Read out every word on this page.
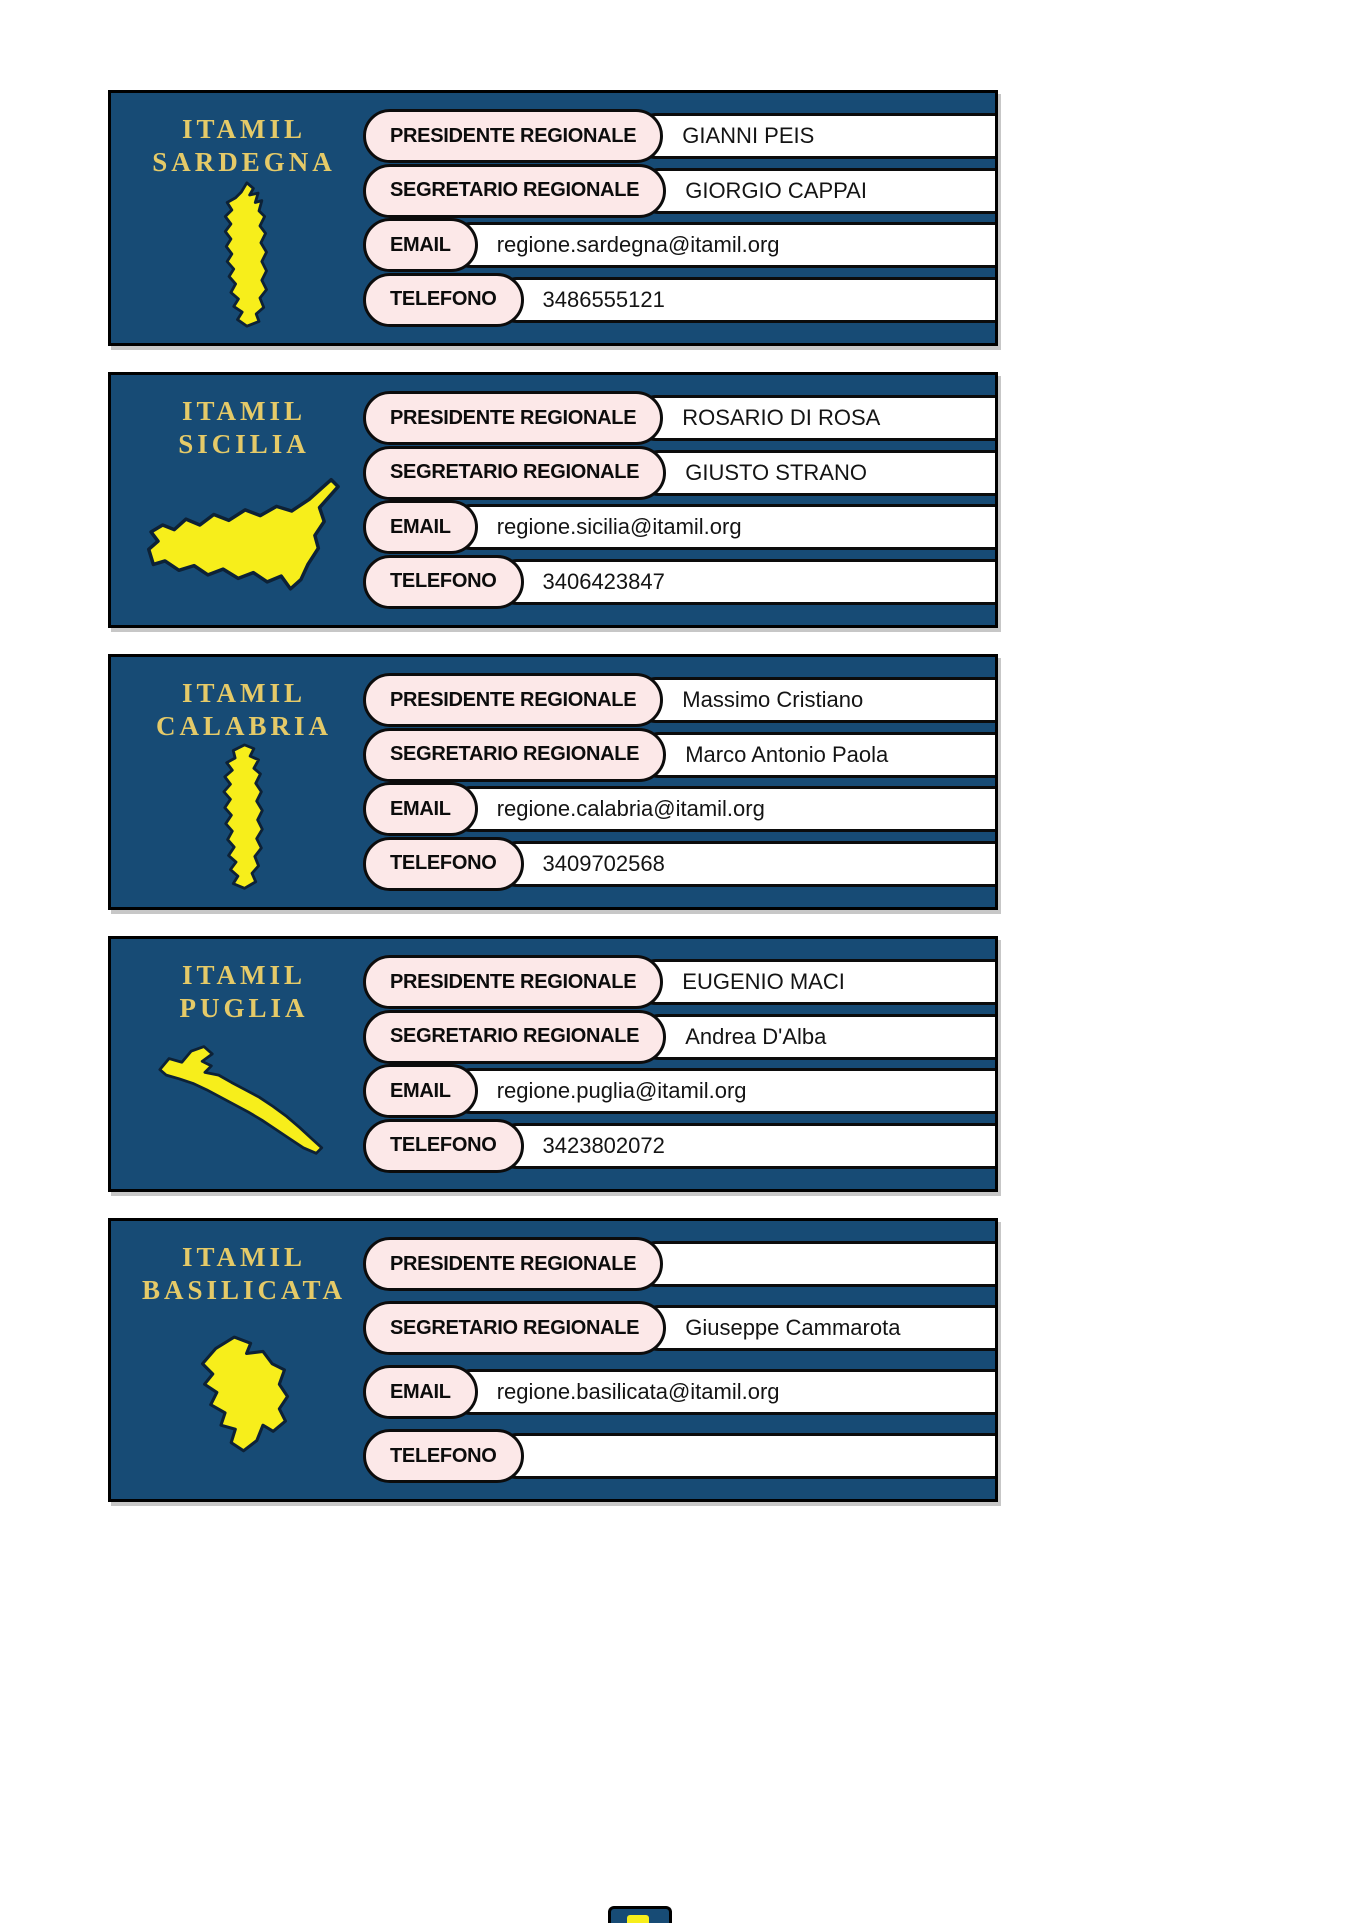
ITAMIL
SARDEGNA
PRESIDENTE REGIONALE	GIANNI PEIS
SEGRETARIO REGIONALE	GIORGIO CAPPAI
EMAIL	regione.sardegna@itamil.org
TELEFONO	3486555121
ITAMIL
SICILIA
PRESIDENTE REGIONALE	ROSARIO DI ROSA
SEGRETARIO REGIONALE	GIUSTO STRANO
EMAIL	regione.sicilia@itamil.org
TELEFONO	3406423847
ITAMIL
CALABRIA
PRESIDENTE REGIONALE	Massimo Cristiano
SEGRETARIO REGIONALE	Marco Antonio Paola
EMAIL	regione.calabria@itamil.org
TELEFONO	3409702568
ITAMIL
PUGLIA
PRESIDENTE REGIONALE	EUGENIO MACI
SEGRETARIO REGIONALE	Andrea D'Alba
EMAIL	regione.puglia@itamil.org
TELEFONO	3423802072
ITAMIL
BASILICATA
PRESIDENTE REGIONALE
SEGRETARIO REGIONALE	Giuseppe Cammarota
EMAIL	regione.basilicata@itamil.org
TELEFONO
